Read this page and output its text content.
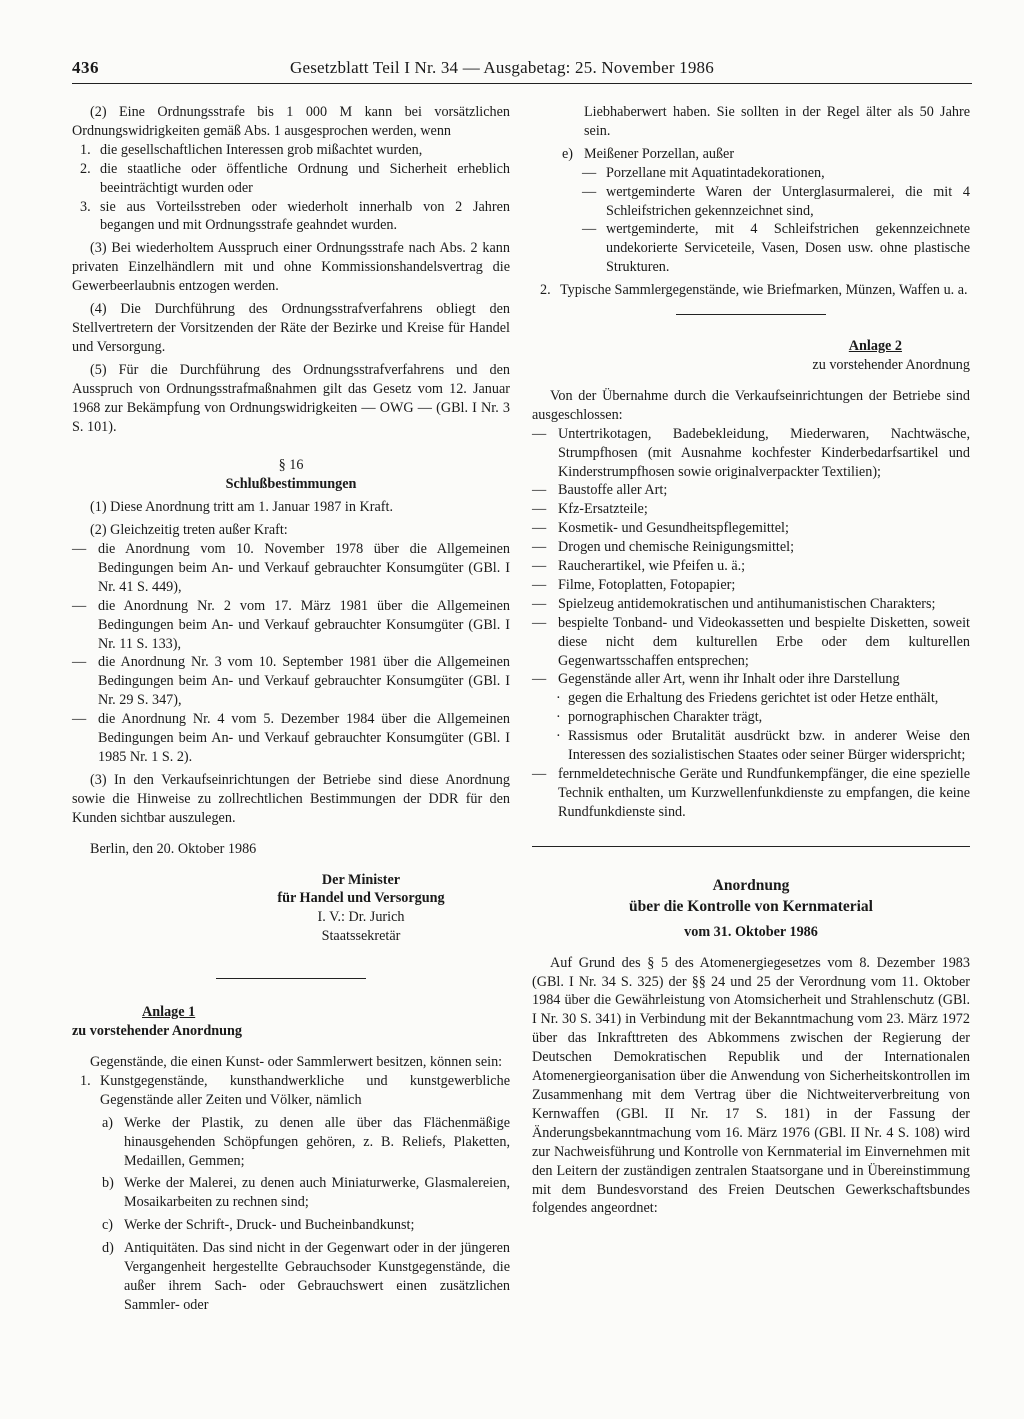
436	Gesetzblatt Teil I Nr. 34 — Ausgabetag: 25. November 1986

(2) Eine Ordnungsstrafe bis 1 000 M kann bei vorsätzlichen Ordnungswidrigkeiten gemäß Abs. 1 ausgesprochen werden, wenn

1. die gesellschaftlichen Interessen grob mißachtet wurden,
2. die staatliche oder öffentliche Ordnung und Sicherheit erheblich beeinträchtigt wurden oder
3. sie aus Vorteilsstreben oder wiederholt innerhalb von 2 Jahren begangen und mit Ordnungsstrafe geahndet wurden.

(3) Bei wiederholtem Ausspruch einer Ordnungsstrafe nach Abs. 2 kann privaten Einzelhändlern mit und ohne Kommissionshandelsvertrag die Gewerbeerlaubnis entzogen werden.

(4) Die Durchführung des Ordnungsstrafverfahrens obliegt den Stellvertretern der Vorsitzenden der Räte der Bezirke und Kreise für Handel und Versorgung.

(5) Für die Durchführung des Ordnungsstrafverfahrens und den Ausspruch von Ordnungsstrafmaßnahmen gilt das Gesetz vom 12. Januar 1968 zur Bekämpfung von Ordnungswidrigkeiten — OWG — (GBl. I Nr. 3 S. 101).

§ 16

Schlußbestimmungen

(1) Diese Anordnung tritt am 1. Januar 1987 in Kraft.

(2) Gleichzeitig treten außer Kraft:

— die Anordnung vom 10. November 1978 über die Allgemeinen Bedingungen beim An- und Verkauf gebrauchter Konsumgüter (GBl. I Nr. 41 S. 449),
— die Anordnung Nr. 2 vom 17. März 1981 über die Allgemeinen Bedingungen beim An- und Verkauf gebrauchter Konsumgüter (GBl. I Nr. 11 S. 133),
— die Anordnung Nr. 3 vom 10. September 1981 über die Allgemeinen Bedingungen beim An- und Verkauf gebrauchter Konsumgüter (GBl. I Nr. 29 S. 347),
— die Anordnung Nr. 4 vom 5. Dezember 1984 über die Allgemeinen Bedingungen beim An- und Verkauf gebrauchter Konsumgüter (GBl. I 1985 Nr. 1 S. 2).

(3) In den Verkaufseinrichtungen der Betriebe sind diese Anordnung sowie die Hinweise zu zollrechtlichen Bestimmungen der DDR für den Kunden sichtbar auszulegen.

Berlin, den 20. Oktober 1986

Der Minister

für Handel und Versorgung

I. V.: Dr. Jurich

Staatssekretär

Anlage 1

zu vorstehender Anordnung

Gegenstände, die einen Kunst- oder Sammlerwert besitzen, können sein:

1. Kunstgegenstände, kunsthandwerkliche und kunstgewerbliche Gegenstände aller Zeiten und Völker, nämlich
a) Werke der Plastik, zu denen alle über das Flächenmäßige hinausgehenden Schöpfungen gehören, z. B. Reliefs, Plaketten, Medaillen, Gemmen;
b) Werke der Malerei, zu denen auch Miniaturwerke, Glasmalereien, Mosaikarbeiten zu rechnen sind;
c) Werke der Schrift-, Druck- und Bucheinbandkunst;
d) Antiquitäten. Das sind nicht in der Gegenwart oder in der jüngeren Vergangenheit hergestellte Gebrauchsoder Kunstgegenstände, die außer ihrem Sach- oder Gebrauchswert einen zusätzlichen Sammler- oder

Liebhaberwert haben. Sie sollten in der Regel älter als 50 Jahre sein.

e) Meißener Porzellan, außer
— Porzellane mit Aquatintadekorationen,
— wertgeminderte Waren der Unterglasurmalerei, die mit 4 Schleifstrichen gekennzeichnet sind,
— wertgeminderte, mit 4 Schleifstrichen gekennzeichnete undekorierte Serviceteile, Vasen, Dosen usw. ohne plastische Strukturen.
2. Typische Sammlergegenstände, wie Briefmarken, Münzen, Waffen u. a.

Anlage 2

zu vorstehender Anordnung

Von der Übernahme durch die Verkaufseinrichtungen der Betriebe sind ausgeschlossen:

— Untertrikotagen, Badebekleidung, Miederwaren, Nachtwäsche, Strumpfhosen (mit Ausnahme kochfester Kinderbedarfsartikel und Kinderstrumpfhosen sowie originalverpackter Textilien);
— Baustoffe aller Art;
— Kfz-Ersatzteile;
— Kosmetik- und Gesundheitspflegemittel;
— Drogen und chemische Reinigungsmittel;
— Raucherartikel, wie Pfeifen u. ä.;
— Filme, Fotoplatten, Fotopapier;
— Spielzeug antidemokratischen und antihumanistischen Charakters;
— bespielte Tonband- und Videokassetten und bespielte Disketten, soweit diese nicht dem kulturellen Erbe oder dem kulturellen Gegenwartsschaffen entsprechen;
— Gegenstände aller Art, wenn ihr Inhalt oder ihre Darstellung
· gegen die Erhaltung des Friedens gerichtet ist oder Hetze enthält,
· pornographischen Charakter trägt,
· Rassismus oder Brutalität ausdrückt bzw. in anderer Weise den Interessen des sozialistischen Staates oder seiner Bürger widerspricht;
— fernmeldetechnische Geräte und Rundfunkempfänger, die eine spezielle Technik enthalten, um Kurzwellenfunkdienste zu empfangen, die keine Rundfunkdienste sind.

Anordnung

über die Kontrolle von Kernmaterial

vom 31. Oktober 1986

Auf Grund des § 5 des Atomenergiegesetzes vom 8. Dezember 1983 (GBl. I Nr. 34 S. 325) der §§ 24 und 25 der Verordnung vom 11. Oktober 1984 über die Gewährleistung von Atomsicherheit und Strahlenschutz (GBl. I Nr. 30 S. 341) in Verbindung mit der Bekanntmachung vom 23. März 1972 über das Inkrafttreten des Abkommens zwischen der Regierung der Deutschen Demokratischen Republik und der Internationalen Atomenergieorganisation über die Anwendung von Sicherheitskontrollen im Zusammenhang mit dem Vertrag über die Nichtweiterverbreitung von Kernwaffen (GBl. II Nr. 17 S. 181) in der Fassung der Änderungsbekanntmachung vom 16. März 1976 (GBl. II Nr. 4 S. 108) wird zur Nachweisführung und Kontrolle von Kernmaterial im Einvernehmen mit den Leitern der zuständigen zentralen Staatsorgane und in Übereinstimmung mit dem Bundesvorstand des Freien Deutschen Gewerkschaftsbundes folgendes angeordnet:
